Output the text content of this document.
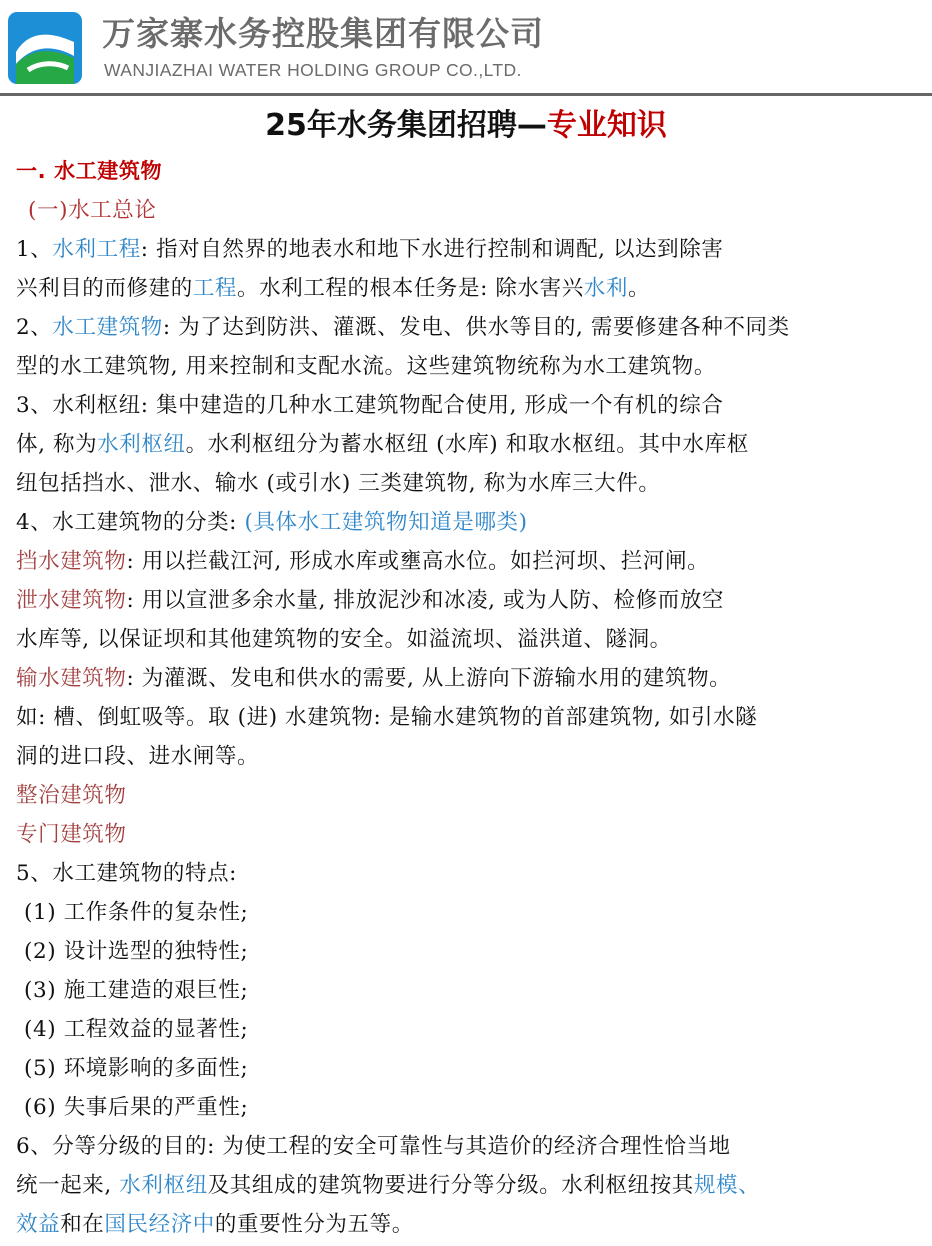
万家寨水务控股集团有限公司
WANJIAZHAI WATER HOLDING GROUP CO.,LTD.
25年水务集团招聘—专业知识
一. 水工建筑物
(一)水工总论
1、水利工程: 指对自然界的地表水和地下水进行控制和调配, 以达到除害
兴利目的而修建的工程。水利工程的根本任务是: 除水害兴水利。
2、水工建筑物: 为了达到防洪、灌溉、发电、供水等目的, 需要修建各种不同类
型的水工建筑物, 用来控制和支配水流。这些建筑物统称为水工建筑物。
3、水利枢纽: 集中建造的几种水工建筑物配合使用, 形成一个有机的综合
体, 称为水利枢纽。水利枢纽分为蓄水枢纽 (水库) 和取水枢纽。其中水库枢
纽包括挡水、泄水、输水 (或引水) 三类建筑物, 称为水库三大件。
4、水工建筑物的分类: (具体水工建筑物知道是哪类)
挡水建筑物: 用以拦截江河, 形成水库或壅高水位。如拦河坝、拦河闸。
泄水建筑物: 用以宣泄多余水量, 排放泥沙和冰凌, 或为人防、检修而放空
水库等, 以保证坝和其他建筑物的安全。如溢流坝、溢洪道、隧洞。
输水建筑物: 为灌溉、发电和供水的需要, 从上游向下游输水用的建筑物。
如: 槽、倒虹吸等。取 (进) 水建筑物: 是输水建筑物的首部建筑物, 如引水隧
洞的进口段、进水闸等。
整治建筑物
专门建筑物
5、水工建筑物的特点:
(1) 工作条件的复杂性;
(2) 设计选型的独特性;
(3) 施工建造的艰巨性;
(4) 工程效益的显著性;
(5) 环境影响的多面性;
(6) 失事后果的严重性;
6、分等分级的目的: 为使工程的安全可靠性与其造价的经济合理性恰当地
统一起来, 水利枢纽及其组成的建筑物要进行分等分级。水利枢纽按其规模、
效益和在国民经济中的重要性分为五等。
